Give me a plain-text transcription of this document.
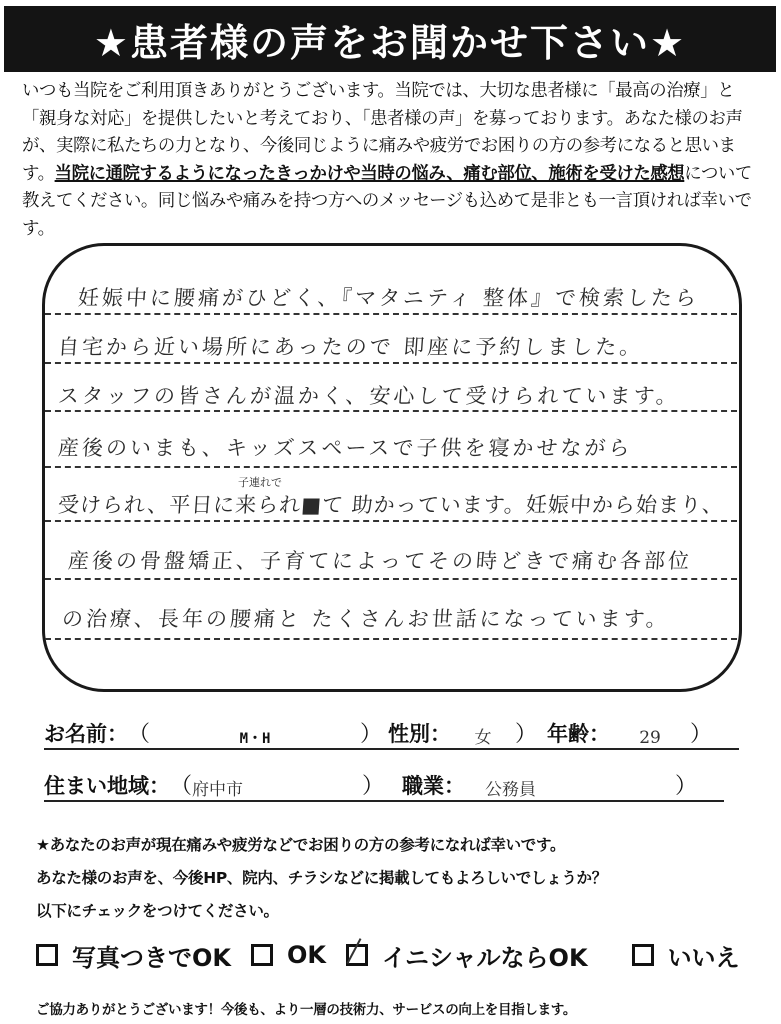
★患者様の声をお聞かせ下さい★
いつも当院をご利用頂きありがとうございます。当院では、大切な患者様に「最高の治療」と「親身な対応」を提供したいと考えており、「患者様の声」を募っております。あなた様のお声が、実際に私たちの力となり、今後同じように痛みや疲労でお困りの方の参考になると思います。当院に通院するようになったきっかけや当時の悩み、痛む部位、施術を受けた感想について教えてください。同じ悩みや痛みを持つ方へのメッセージも込めて是非とも一言頂ければ幸いです。
妊娠中に腰痛がひどく、『マタニティ 整体』で検索したら
自宅から近い場所にあったので 即座に予約しました。
スタッフの皆さんが温かく、安心して受けられています。
産後のいまも、キッズスペースで子供を寝かせながら
子連れで
受けられ、平日に来られ■て 助かっています。妊娠中から始まり、
産後の骨盤矯正、子育てによってその時どきで痛む各部位
の治療、長年の腰痛と たくさんお世話になっています。
お名前： （	M・H	） 性別：	女	） 年齢：	29	）
住まい地域： （ 府中市	） 職業：	公務員	）
★あなたのお声が現在痛みや疲労などでお困りの方の参考になれば幸いです。
あなた様のお声を、今後HP、院内、チラシなどに掲載してもよろしいでしょうか？
以下にチェックをつけてください。
写真つきでOK OK イニシャルならOK	いいえ
ご協力ありがとうございます！今後も、より一層の技術力、サービスの向上を目指します。
